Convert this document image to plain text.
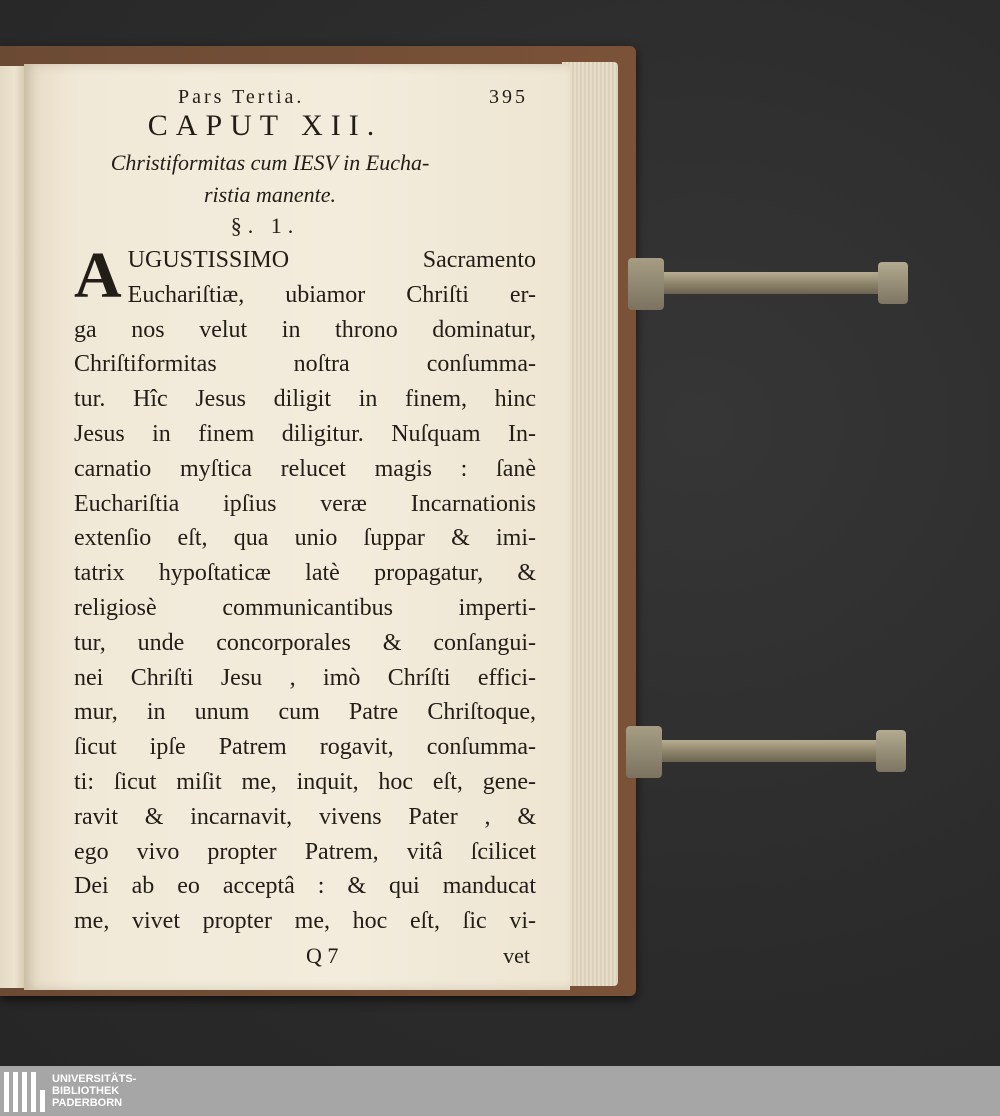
Pars Tertia.	395
CAPUT XII.
Christiformitas cum IESV in Eucha-
ristia manente.
§. 1.
A UGUSTISSIMO Sacramento
Euchariſtiæ, ubiamor Chriſti er-
ga nos velut in throno dominatur,
Chriſtiformitas noſtra conſumma-
tur. Hîc Jesus diligit in finem, hinc
Jesus in finem diligitur. Nuſquam In-
carnatio myſtica relucet magis : ſanè
Euchariſtia ipſius veræ Incarnationis
extenſio eſt, qua unio ſuppar & imi-
tatrix hypoſtaticæ latè propagatur, &
religiosè communicantibus imperti-
tur, unde concorporales & conſangui-
nei Chriſti Jesu , imò Chríſti effici-
mur, in unum cum Patre Chriſtoque,
ſicut ipſe Patrem rogavit, conſumma-
ti: ſicut miſit me, inquit, hoc eſt, gene-
ravit & incarnavit, vivens Pater , &
ego vivo propter Patrem, vitâ ſcilicet
Dei ab eo acceptâ : & qui manducat
me, vivet propter me, hoc eſt, ſic vi-
Q 7	vet
UNIVERSITÄTS-
BIBLIOTHEK
PADERBORN
